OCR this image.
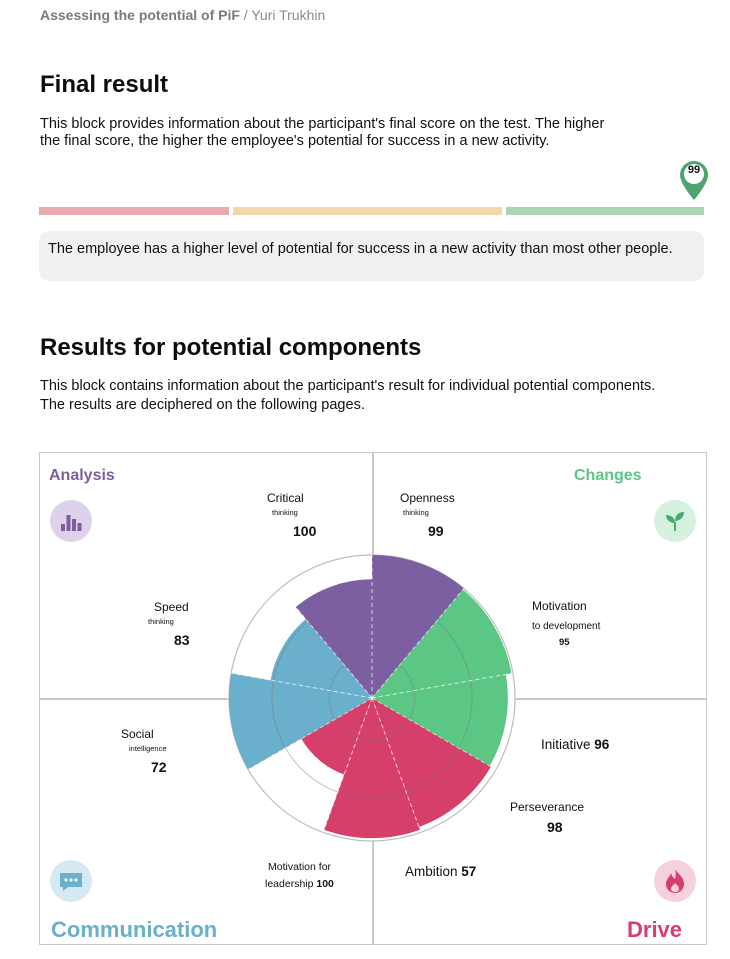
Assessing the potential of PiF / Yuri Trukhin
Final result

This block provides information about the participant's final score on the test. The higher

the final score, the higher the employee's potential for success in a new activity.

99
The employee has a higher level of potential for success in a new activity than most other people.
Results for potential components

This block contains information about the participant's result for individual potential components.

The results are deciphered on the following pages.

Analysis	Changes
Communication	Drive
Critical
thinking
100
Speed
thinking
83
Openness
thinking
99
Motivation
to development
95
Social
intelligence
72
Motivation for
leadership 100
Initiative 96
Perseverance
98
Ambition 57
